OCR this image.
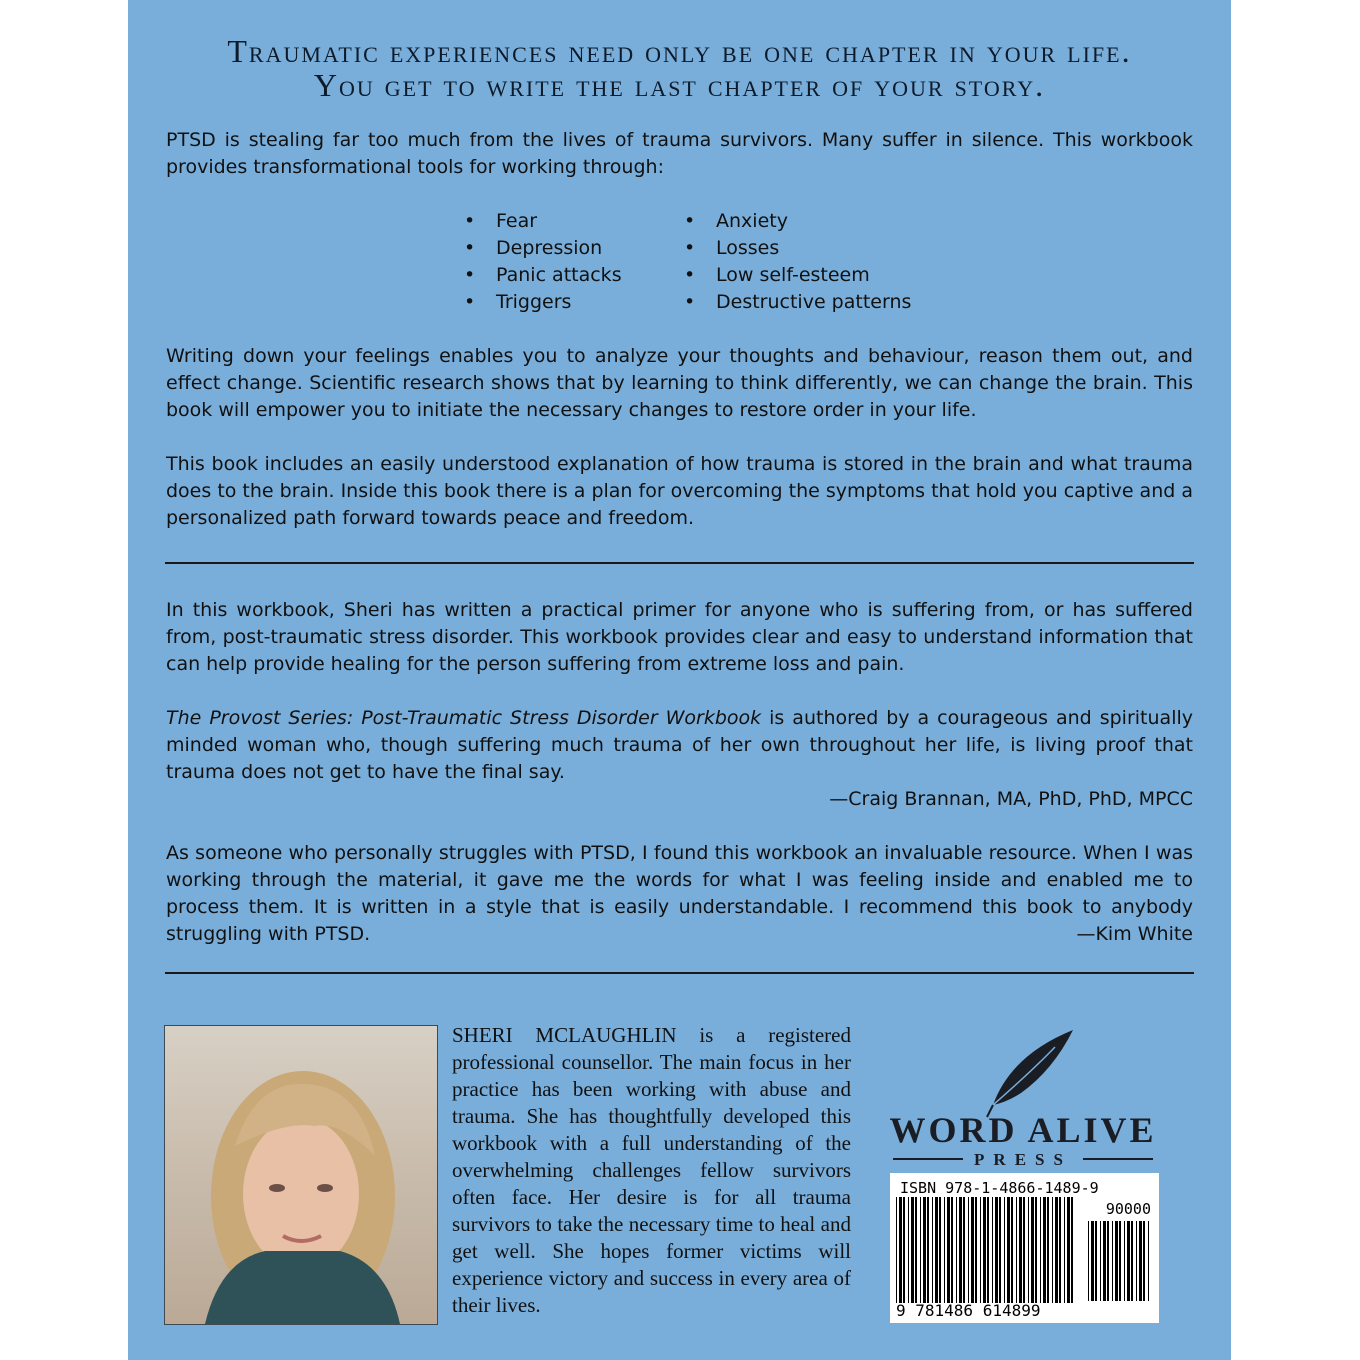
Traumatic experiences need only be one chapter in your life.
You get to write the last chapter of your story.

PTSD is stealing far too much from the lives of trauma survivors. Many suffer in silence. This workbook provides transformational tools for working through:

• Fear
• Depression
• Panic attacks
• Triggers
• Anxiety
• Losses
• Low self-esteem
• Destructive patterns

Writing down your feelings enables you to analyze your thoughts and behaviour, reason them out, and effect change. Scientific research shows that by learning to think differently, we can change the brain. This book will empower you to initiate the necessary changes to restore order in your life.

This book includes an easily understood explanation of how trauma is stored in the brain and what trauma does to the brain. Inside this book there is a plan for overcoming the symptoms that hold you captive and a personalized path forward towards peace and freedom.

In this workbook, Sheri has written a practical primer for anyone who is suffering from, or has suffered from, post-traumatic stress disorder. This workbook provides clear and easy to understand information that can help provide healing for the person suffering from extreme loss and pain.

The Provost Series: Post-Traumatic Stress Disorder Workbook is authored by a courageous and spiritually minded woman who, though suffering much trauma of her own throughout her life, is living proof that trauma does not get to have the final say.

—Craig Brannan, MA, PhD, PhD, MPCC

As someone who personally struggles with PTSD, I found this workbook an invaluable resource. When I was working through the material, it gave me the words for what I was feeling inside and enabled me to process them. It is written in a style that is easily understandable. I recommend this book to anybody struggling with PTSD.	—Kim White

SHERI MCLAUGHLIN is a registered professional counsellor. The main focus in her practice has been working with abuse and trauma. She has thoughtfully developed this workbook with a full understanding of the overwhelming challenges fellow survivors often face. Her desire is for all trauma survivors to take the necessary time to heal and get well. She hopes former victims will experience victory and success in every area of their lives.

WORD ALIVE
PRESS
ISBN 978-1-4866-1489-9
90000
9 781486 614899
